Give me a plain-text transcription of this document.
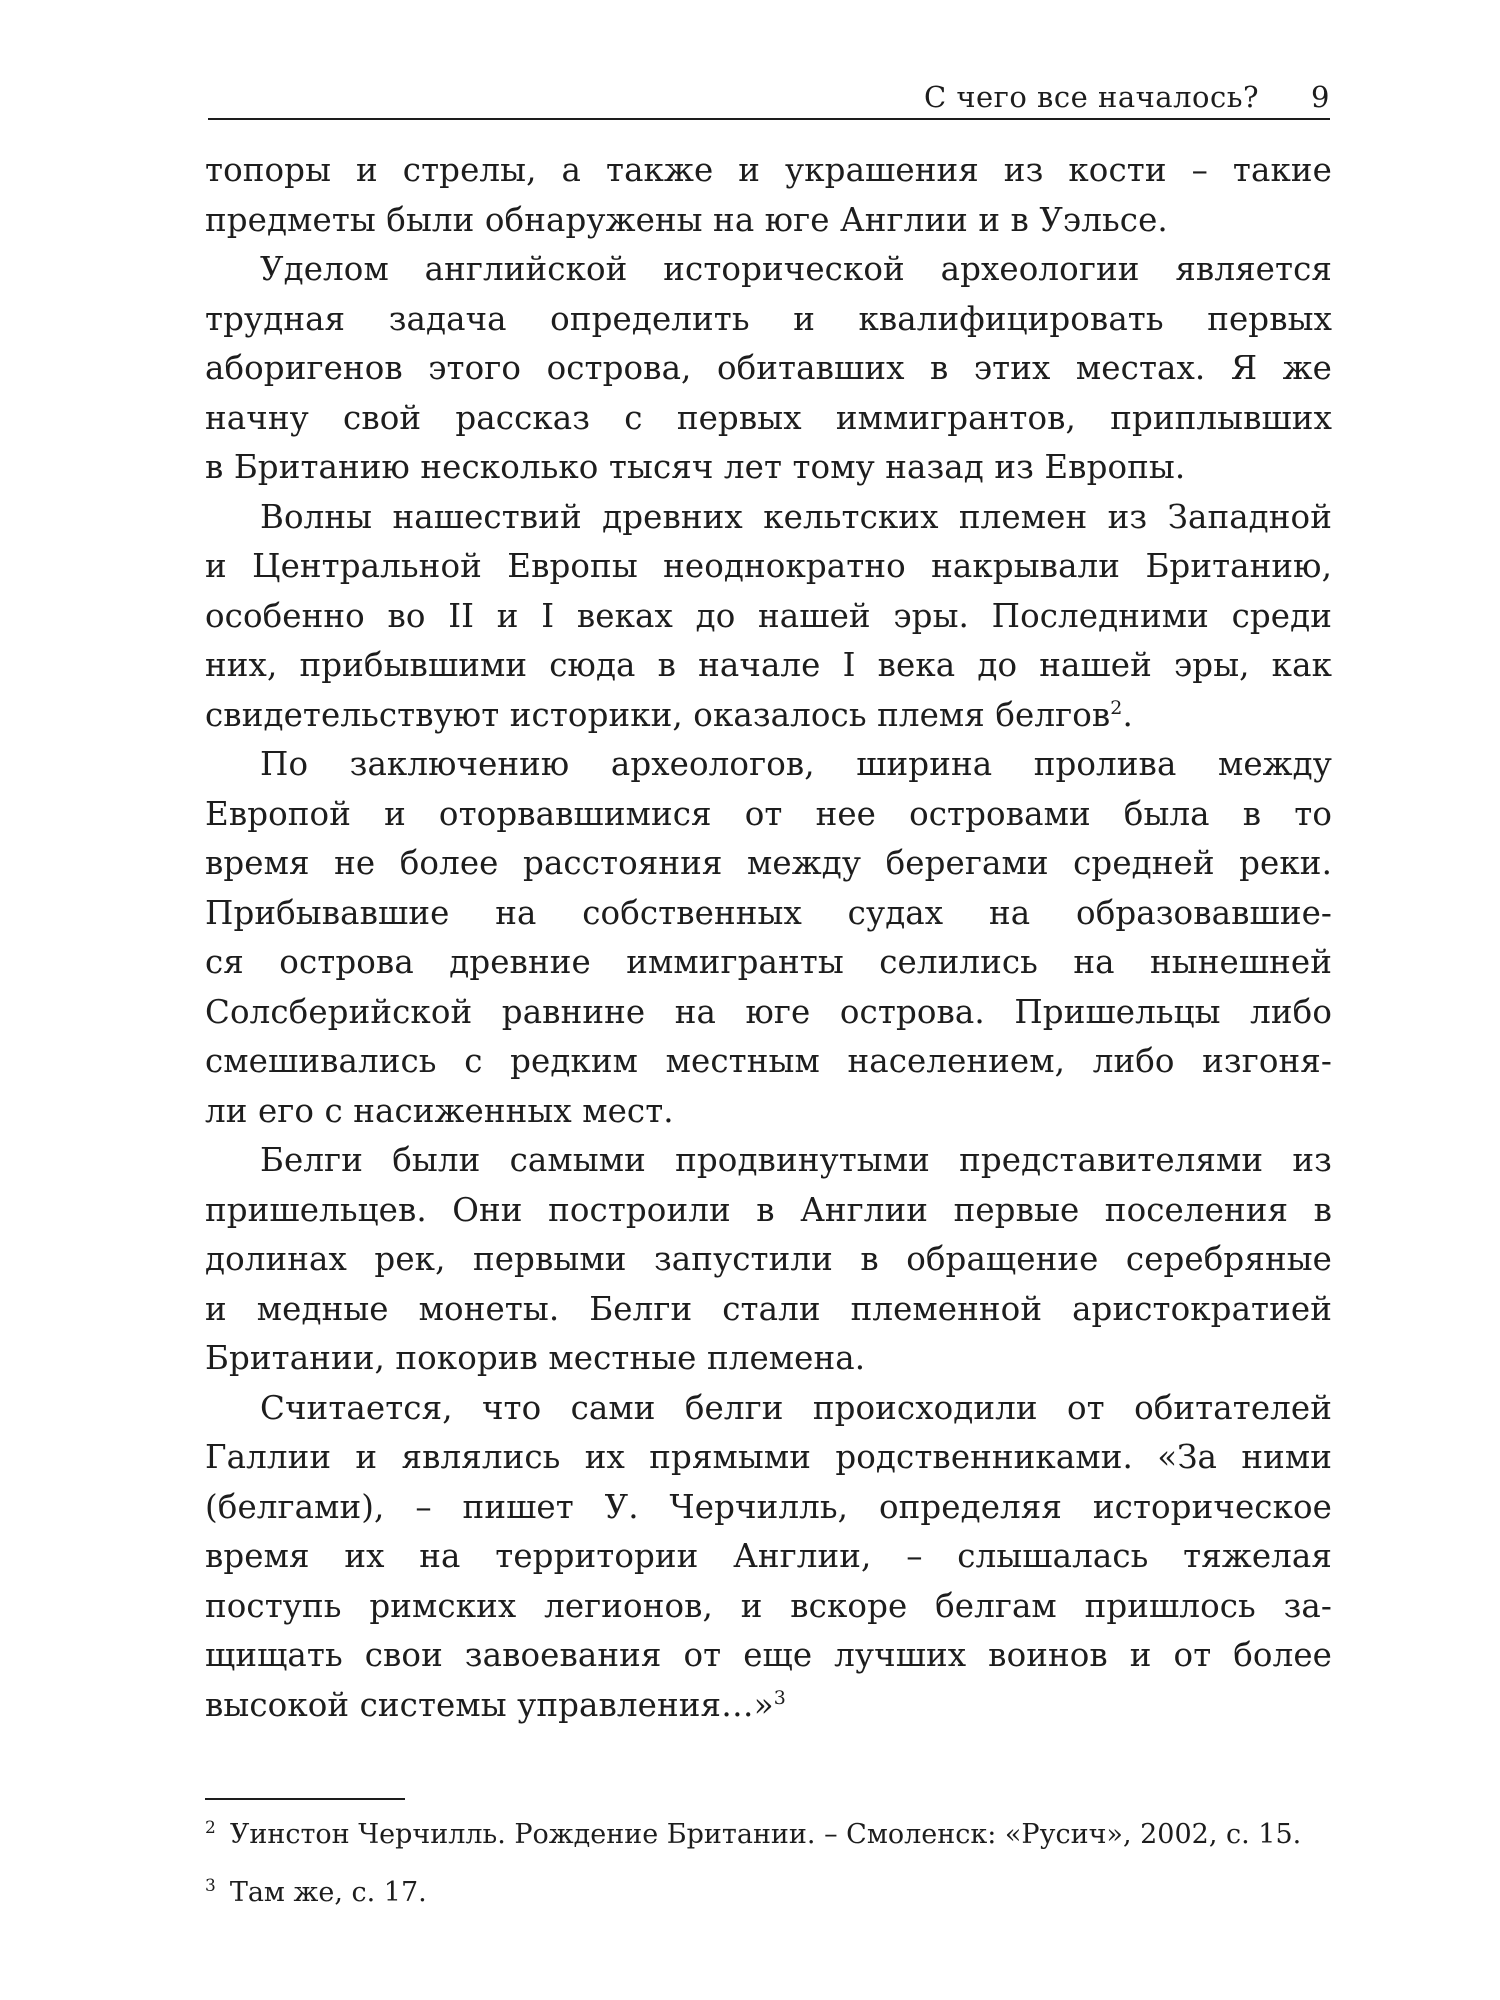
С чего все началось? 9

топоры и стрелы, а также и украшения из кости – такие
предметы были обнаружены на юге Англии и в Уэльсе.

Уделом английской исторической археологии является
трудная задача определить и квалифицировать первых
аборигенов этого острова, обитавших в этих местах. Я же
начну свой рассказ с первых иммигрантов, приплывших
в Британию несколько тысяч лет тому назад из Европы.

Волны нашествий древних кельтских племен из Западной
и Центральной Европы неоднократно накрывали Британию,
особенно во II и I веках до нашей эры. Последними среди
них, прибывшими сюда в начале I века до нашей эры, как
свидетельствуют историки, оказалось племя белгов$^2$.

По заключению археологов, ширина пролива между
Европой и оторвавшимися от нее островами была в то
время не более расстояния между берегами средней реки.
Прибывавшие на собственных судах на образовавшие-
ся острова древние иммигранты селились на нынешней
Солсберийской равнине на юге острова. Пришельцы либо
смешивались с редким местным населением, либо изгоня-
ли его с насиженных мест.

Белги были самыми продвинутыми представителями из
пришельцев. Они построили в Англии первые поселения в
долинах рек, первыми запустили в обращение серебряные
и медные монеты. Белги стали племенной аристократией
Британии, покорив местные племена.

Считается, что сами белги происходили от обитателей
Галлии и являлись их прямыми родственниками. «За ними
(белгами), – пишет У. Черчилль, определяя историческое
время их на территории Англии, – слышалась тяжелая
поступь римских легионов, и вскоре белгам пришлось за-
щищать свои завоевания от еще лучших воинов и от более
высокой системы управления…»$^3$

$^2$ Уинстон Черчилль. Рождение Британии. – Смоленск: «Русич», 2002, с. 15.
$^3$ Там же, с. 17.
